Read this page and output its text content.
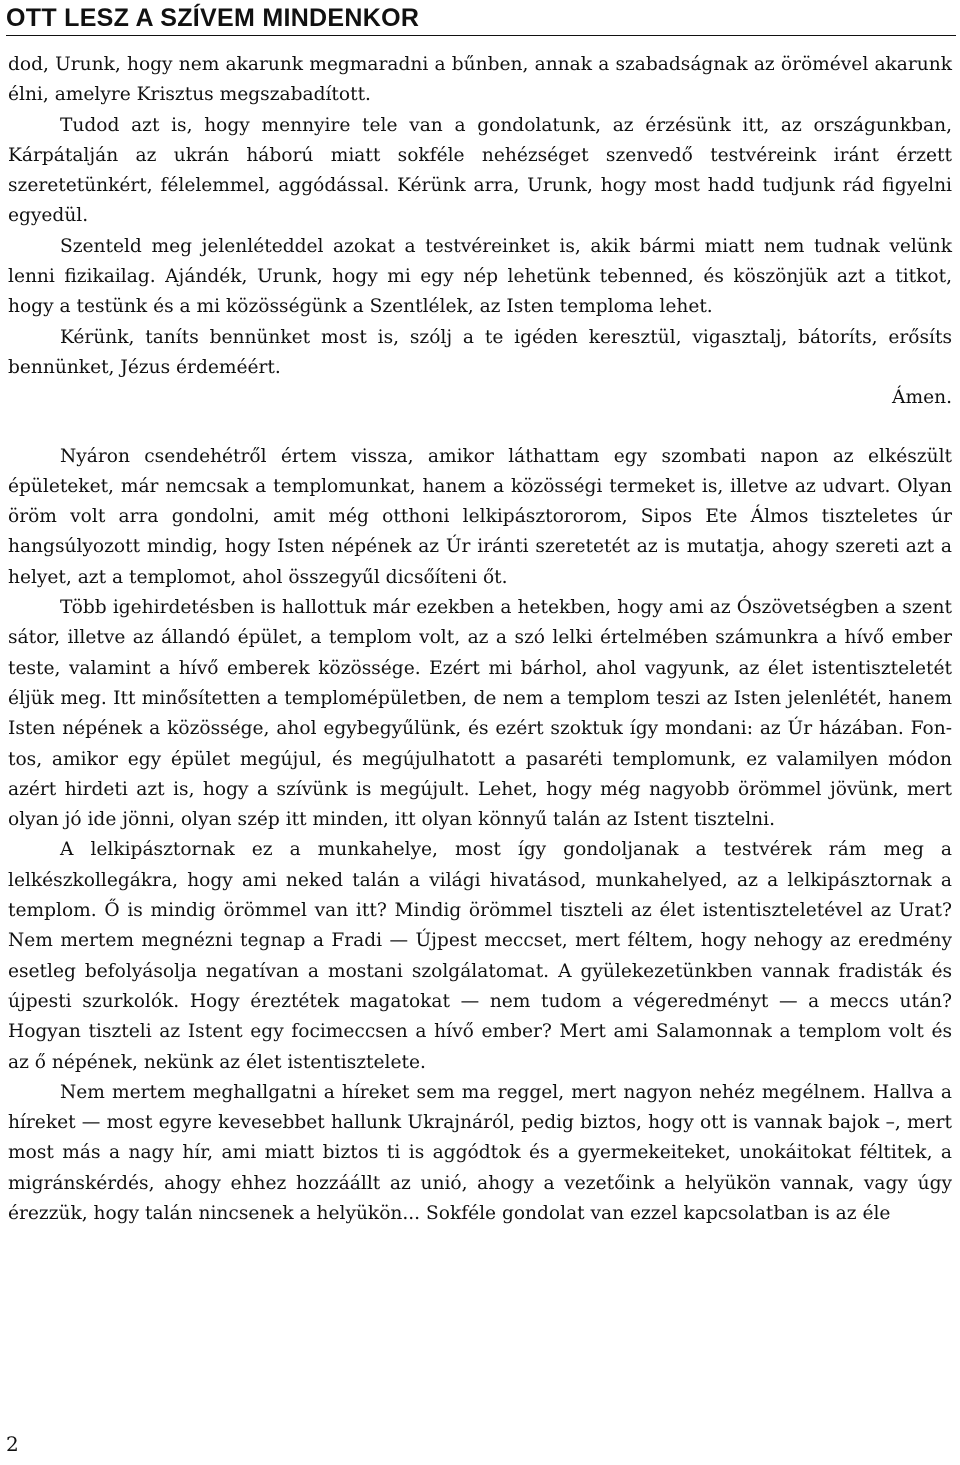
OTT LESZ A SZÍVEM MINDENKOR

dod, Urunk, hogy nem akarunk megmaradni a bűnben, annak a szabadságnak az örömével akarunk élni, amelyre Krisztus megszabadított.

Tudod azt is, hogy mennyire tele van a gondolatunk, az érzésünk itt, az országunkban, Kárpátalján az ukrán háború miatt sokféle nehézséget szenvedő testvéreink iránt érzett szeretetünkért, félelemmel, aggódással. Kérünk arra, Urunk, hogy most hadd tudjunk rád figyelni egyedül.

Szenteld meg jelenléteddel azokat a testvéreinket is, akik bármi miatt nem tudnak velünk lenni fizikailag. Ajándék, Urunk, hogy mi egy nép lehetünk tebenned, és köszönjük azt a titkot, hogy a testünk és a mi közösségünk a Szentlélek, az Isten temploma lehet.

Kérünk, taníts bennünket most is, szólj a te igéden keresztül, vigasztalj, bátoríts, erősíts bennünket, Jézus érdeméért.

Ámen.

Nyáron csendehétről értem vissza, amikor láthattam egy szombati napon az elkészült épületeket, már nemcsak a templomunkat, hanem a közösségi termeket is, illetve az udvart. Olyan öröm volt arra gondolni, amit még otthoni lelkipásztororom, Sipos Ete Álmos tiszteletes úr hangsúlyozott mindig, hogy Isten népének az Úr iránti szeretetét az is mutatja, ahogy szereti azt a helyet, azt a templomot, ahol összegyűl dicsőíteni őt.

Több igehirdetésben is hallottuk már ezekben a hetekben, hogy ami az Ószövetségben a szent sátor, illetve az állandó épület, a templom volt, az a szó lelki értelmében számunkra a hívő ember teste, valamint a hívő emberek közössége. Ezért mi bárhol, ahol vagyunk, az élet istentiszteletét éljük meg. Itt minősítetten a templomépületben, de nem a templom teszi az Isten jelenlétét, hanem Isten népének a közössége, ahol egybegyűlünk, és ezért szoktuk így mondani: az Úr házában. Fontos, amikor egy épület megújul, és megújulhatott a pasaréti templomunk, ez valamilyen módon azért hirdeti azt is, hogy a szívünk is megújult. Lehet, hogy még nagyobb örömmel jövünk, mert olyan jó ide jönni, olyan szép itt minden, itt olyan könnyű talán az Istent tisztelni.

A lelkipásztornak ez a munkahelye, most így gondoljanak a testvérek rám meg a lelkészkollegákra, hogy ami neked talán a világi hivatásod, munkahelyed, az a lelkipásztornak a templom. Ő is mindig örömmel van itt? Mindig örömmel tiszteli az élet istentiszteletével az Urat? Nem mertem megnézni tegnap a Fradi — Újpest meccset, mert féltem, hogy nehogy az eredmény esetleg befolyásolja negatívan a mostani szolgálatomat. A gyülekezetünkben vannak fradisták és újpesti szurkolók. Hogy éreztétek magatokat — nem tudom a végeredményt — a meccs után? Hogyan tiszteli az Istent egy focimeccsen a hívő ember? Mert ami Salamonnak a templom volt és az ő népének, nekünk az élet istentisztelete.

Nem mertem meghallgatni a híreket sem ma reggel, mert nagyon nehéz megélnem. Hallva a híreket — most egyre kevesebbet hallunk Ukrajnáról, pedig biztos, hogy ott is vannak bajok –, mert most más a nagy hír, ami miatt biztos ti is aggódtok és a gyermekeiteket, unokáitokat féltitek, a migránskérdés, ahogy ehhez hozzáállt az unió, ahogy a vezetőink a helyükön vannak, vagy úgy érezzük, hogy talán nincsenek a helyükön... Sokféle gondolat van ezzel kapcsolatban is az éle

2
